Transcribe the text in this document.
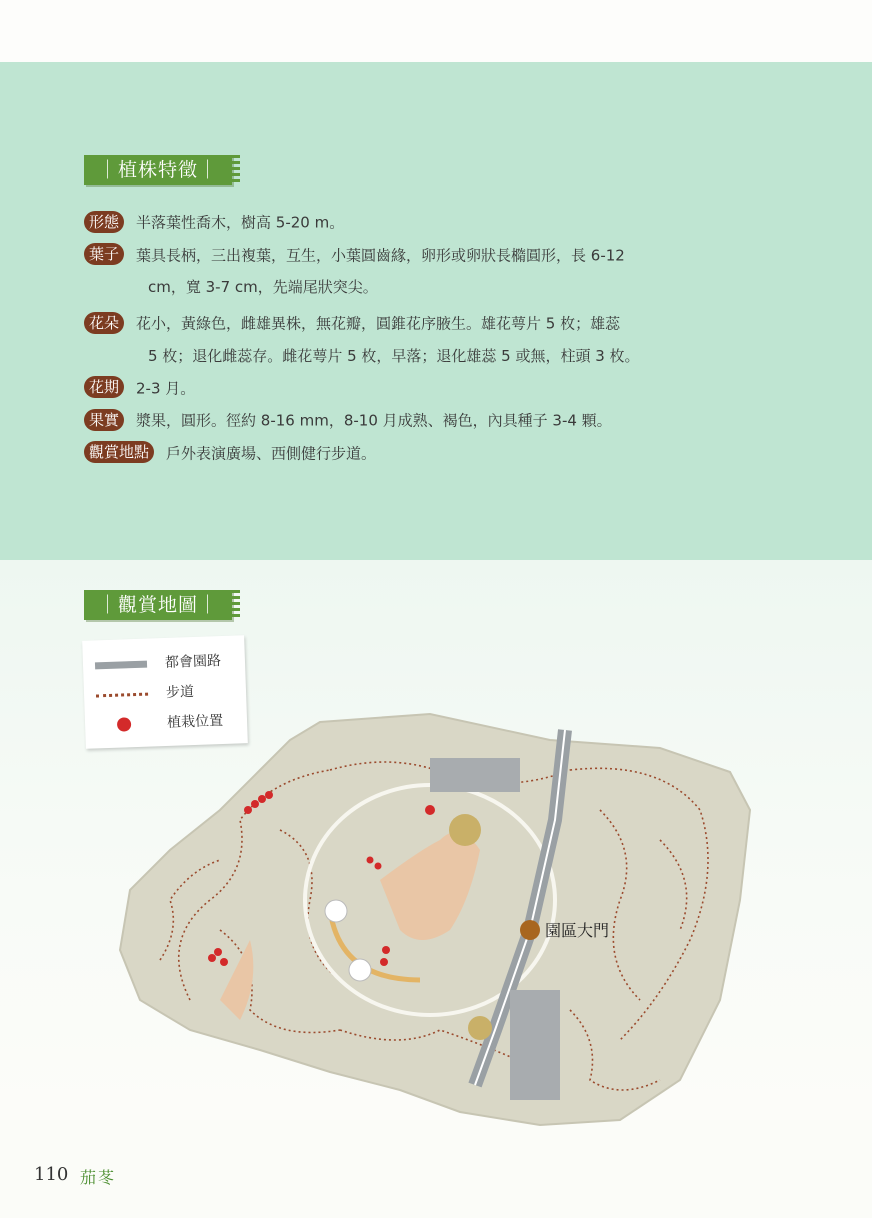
｜植株特徵｜
形態 半落葉性喬木，樹高 5-20 m。
葉子 葉具長柄，三出複葉，互生，小葉圓齒緣，卵形或卵狀長橢圓形，長 6-12
cm，寬 3-7 cm，先端尾狀突尖。
花朵 花小，黃綠色，雌雄異株，無花瓣，圓錐花序腋生。雄花萼片 5 枚；雄蕊
5 枚；退化雌蕊存。雌花萼片 5 枚，早落；退化雄蕊 5 或無，柱頭 3 枚。
花期 2-3 月。
果實 漿果，圓形。徑約 8-16 mm，8-10 月成熟、褐色，內具種子 3-4 顆。
觀賞地點 戶外表演廣場、西側健行步道。
｜觀賞地圖｜
園區大門
都會園路
步道
植栽位置
110 茄苳
